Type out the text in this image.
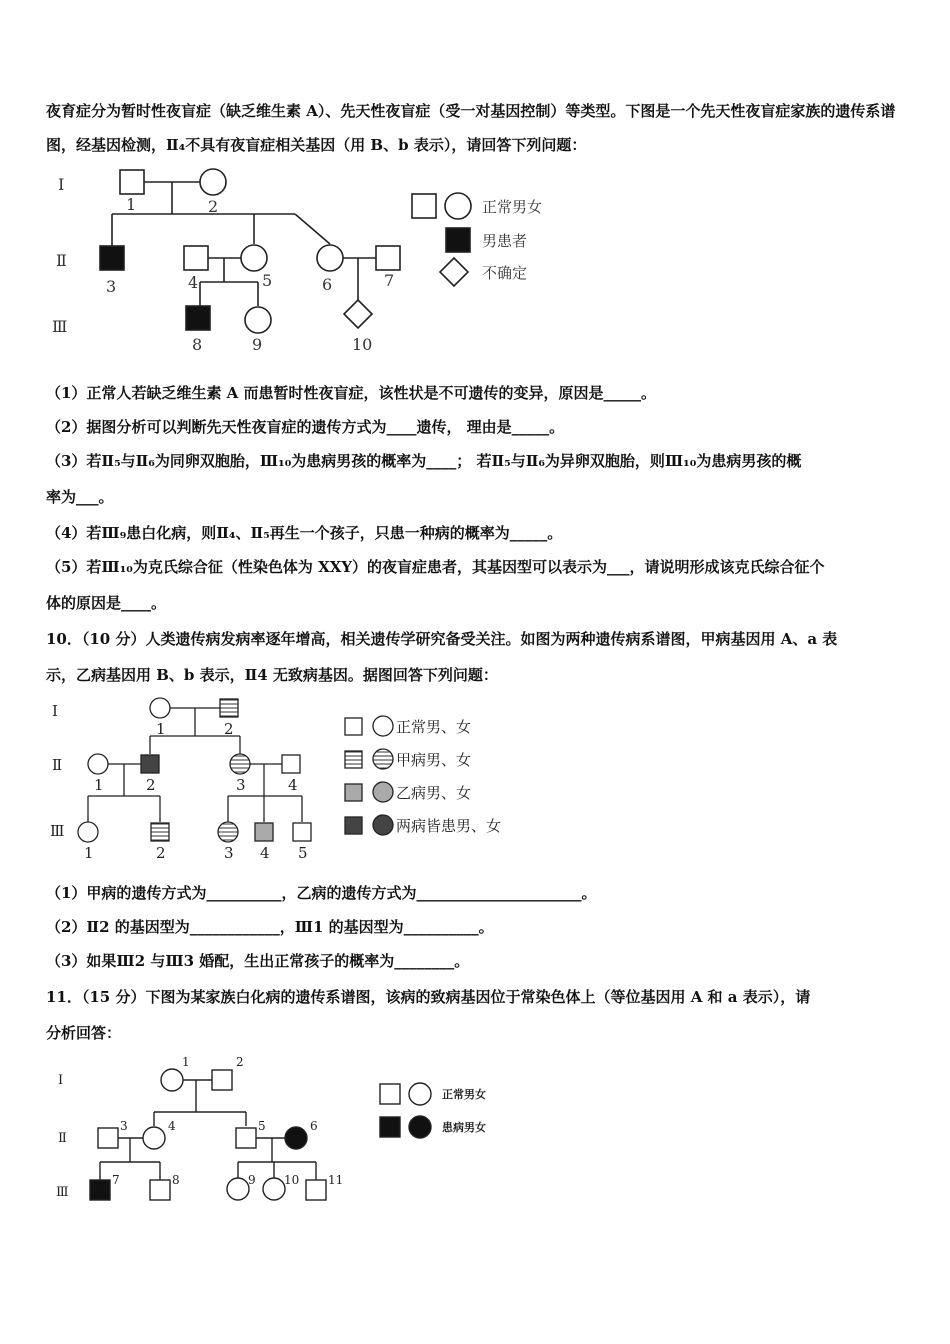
夜育症分为暂时性夜盲症（缺乏维生素 A）、先天性夜盲症（受一对基因控制）等类型。下图是一个先天性夜盲症家族的遗传系谱图，经基因检测，Ⅱ₄不具有夜盲症相关基因（用 B、b 表示），请回答下列问题：

Ⅰ
Ⅱ
Ⅲ
1	2
3	4	5	6	7
8	9	10
正常男女
男患者
不确定

（1）正常人若缺乏维生素 A 而患暂时性夜盲症，该性状是不可遗传的变异，原因是_____。

（2）据图分析可以判断先天性夜盲症的遗传方式为____遗传， 理由是_____。

（3）若Ⅱ₅与Ⅱ₆为同卵双胞胎，Ⅲ₁₀为患病男孩的概率为____； 若Ⅱ₅与Ⅱ₆为异卵双胞胎，则Ⅲ₁₀为患病男孩的概

率为___。

（4）若Ⅲ₉患白化病，则Ⅱ₄、Ⅱ₅再生一个孩子，只患一种病的概率为_____。

（5）若Ⅲ₁₀为克氏综合征（性染色体为 XXY）的夜盲症患者，其基因型可以表示为___，请说明形成该克氏综合征个

体的原因是____。

10．（10 分）人类遗传病发病率逐年增高，相关遗传学研究备受关注。如图为两种遗传病系谱图，甲病基因用 A、a 表

示，乙病基因用 B、b 表示，Ⅱ4 无致病基因。据图回答下列问题：

Ⅰ
Ⅱ
Ⅲ
1	2
1	2	3	4
1	2	3 4 5
正常男、女
甲病男、女
乙病男、女
两病皆患男、女

（1）甲病的遗传方式为__________，乙病的遗传方式为______________________。

（2）Ⅱ2 的基因型为____________，Ⅲ1 的基因型为__________。

（3）如果Ⅲ2 与Ⅲ3 婚配，生出正常孩子的概率为________。

11．（15 分）下图为某家族白化病的遗传系谱图，该病的致病基因位于常染色体上（等位基因用 A 和 a 表示），请

分析回答：

Ⅰ
Ⅱ
Ⅲ
1	2
3	4	5	6
7	8	9 10 11
正常男女
患病男女
